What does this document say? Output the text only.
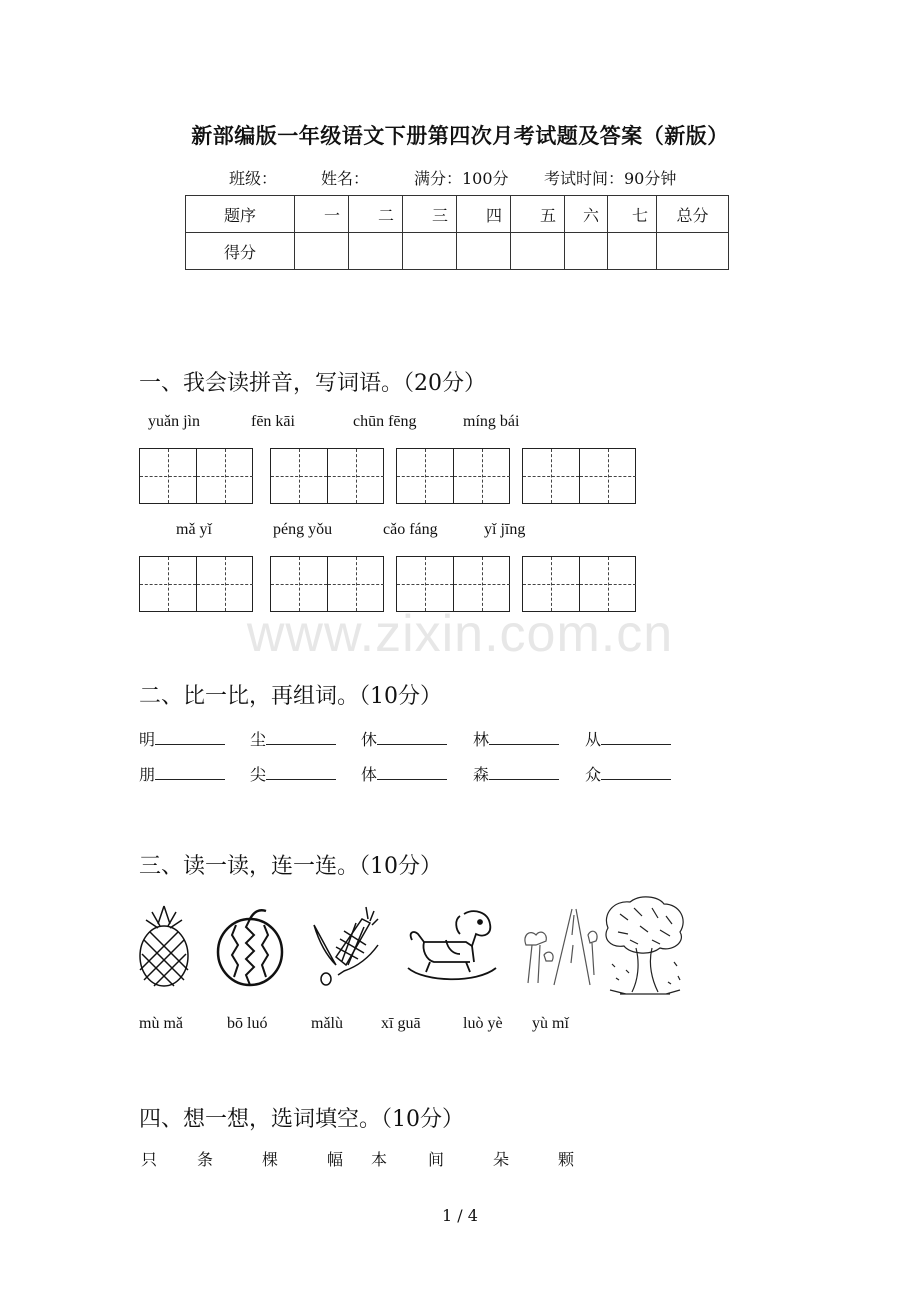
www.zixin.com.cn
新部编版一年级语文下册第四次月考试题及答案（新版）
班级：	姓名：	满分：100分 考试时间：90分钟
题序	一	二	三	四	五	六	七	总分
得分								
一、我会读拼音，写词语。（20分）
yuǎn jìn	fēn kāi	chūn fēng	míng bái
mǎ yǐ	péng yǒu	cǎo fáng	yǐ jīng
二、比一比，再组词。（10分）
明	尘	休	林	从
朋	尖	体	森	众
三、读一读，连一连。（10分）
mù mǎ	bō luó	mǎlù xī guā	luò yè yù mǐ
四、想一想，选词填空。（10分）
只 条	棵	幅 本	间	朵	颗
1 / 4
